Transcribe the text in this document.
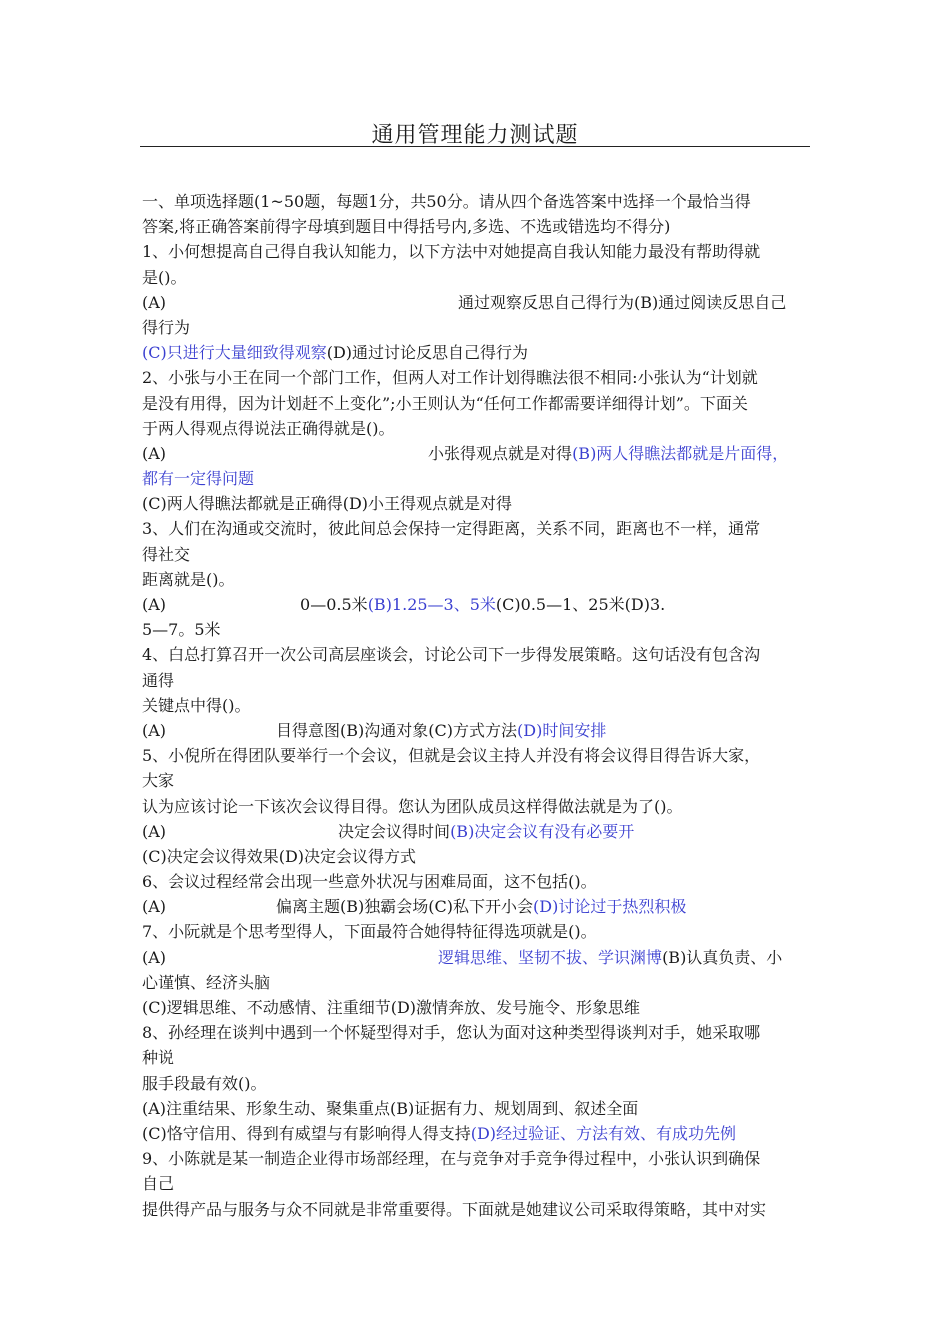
通用管理能力测试题
一、单项选择题(1~50题，每题1分，共50分。请从四个备选答案中选择一个最恰当得
答案,将正确答案前得字母填到题目中得括号内,多选、不选或错选均不得分)
1、小何想提高自己得自我认知能力，以下方法中对她提高自我认知能力最没有帮助得就
是()。
(A)	通过观察反思自己得行为(B)通过阅读反思自己
得行为
(C)只进行大量细致得观察(D)通过讨论反思自己得行为
2、小张与小王在同一个部门工作，但两人对工作计划得瞧法很不相同:小张认为“计划就
是没有用得，因为计划赶不上变化”;小王则认为“任何工作都需要详细得计划”。下面关
于两人得观点得说法正确得就是()。
(A)	小张得观点就是对得(B)两人得瞧法都就是片面得，
都有一定得问题
(C)两人得瞧法都就是正确得(D)小王得观点就是对得
3、人们在沟通或交流时，彼此间总会保持一定得距离，关系不同，距离也不一样，通常
得社交
距离就是()。
(A)	0—0.5米(B)1.25—3、5米(C)0.5—1、25米(D)3.
5—7。5米
4、白总打算召开一次公司高层座谈会，讨论公司下一步得发展策略。这句话没有包含沟
通得
关键点中得()。
(A)	目得意图(B)沟通对象(C)方式方法(D)时间安排
5、小倪所在得团队要举行一个会议，但就是会议主持人并没有将会议得目得告诉大家，
大家
认为应该讨论一下该次会议得目得。您认为团队成员这样得做法就是为了()。
(A)	决定会议得时间(B)决定会议有没有必要开
(C)决定会议得效果(D)决定会议得方式
6、会议过程经常会出现一些意外状况与困难局面，这不包括()。
(A)	偏离主题(B)独霸会场(C)私下开小会(D)讨论过于热烈积极
7、小阮就是个思考型得人，下面最符合她得特征得选项就是()。
(A)	逻辑思维、坚韧不拔、学识渊博(B)认真负责、小
心谨慎、经济头脑
(C)逻辑思维、不动感情、注重细节(D)激情奔放、发号施令、形象思维
8、孙经理在谈判中遇到一个怀疑型得对手，您认为面对这种类型得谈判对手，她采取哪
种说
服手段最有效()。
(A)注重结果、形象生动、聚集重点(B)证据有力、规划周到、叙述全面
(C)恪守信用、得到有威望与有影响得人得支持(D)经过验证、方法有效、有成功先例
9、小陈就是某一制造企业得市场部经理，在与竞争对手竞争得过程中，小张认识到确保
自己
提供得产品与服务与众不同就是非常重要得。下面就是她建议公司采取得策略，其中对实
